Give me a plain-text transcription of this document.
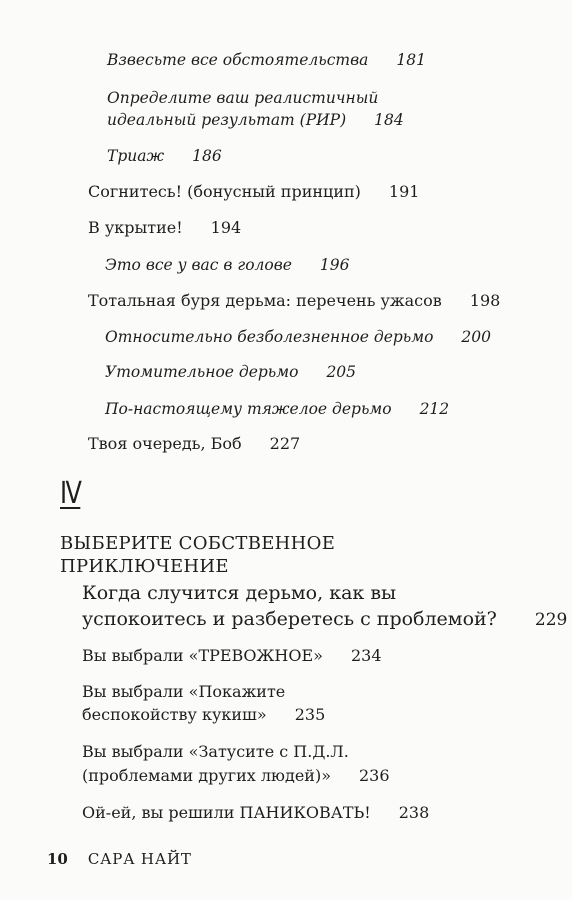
Взвесьте все обстоятельства 181
Определите ваш реалистичный
идеальный результат (РИР) 184
Триаж 186
Согнитесь! (бонусный принцип) 191
В укрытие! 194
Это все у вас в голове 196
Тотальная буря дерьма: перечень ужасов 198
Относительно безболезненное дерьмо 200
Утомительное дерьмо 205
По-настоящему тяжелое дерьмо 212
Твоя очередь, Боб 227
IV
ВЫБЕРИТЕ СОБСТВЕННОЕ
ПРИКЛЮЧЕНИЕ
Когда случится дерьмо, как вы
успокоитесь и разберетесь с проблемой? 229
Вы выбрали «ТРЕВОЖНОЕ» 234
Вы выбрали «Покажите
беспокойству кукиш» 235
Вы выбрали «Затусите с П.Д.Л.
(проблемами других людей)» 236
Ой-ей, вы решили ПАНИКОВАТЬ! 238
10 САРА НАЙТ
